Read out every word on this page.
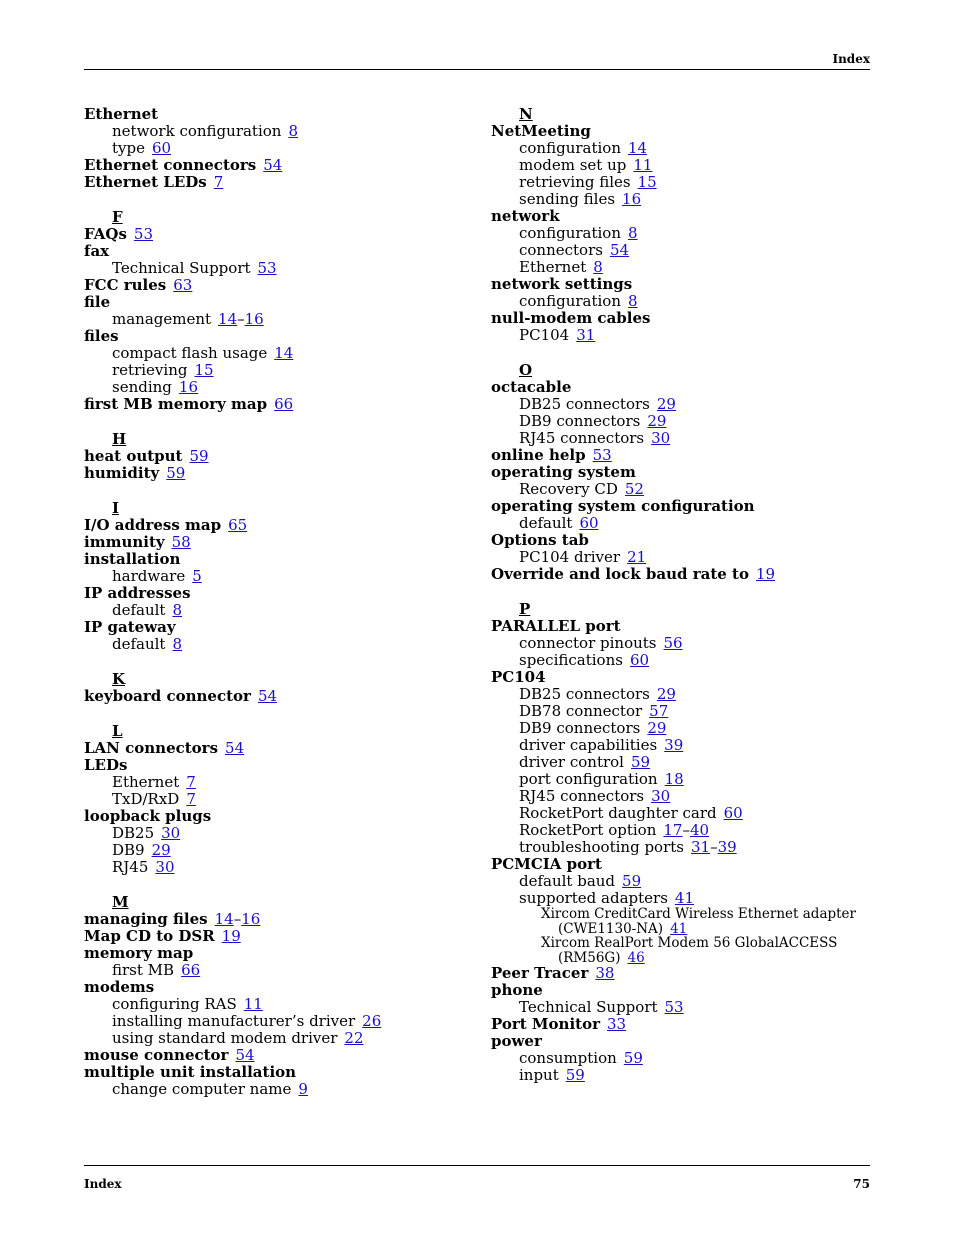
Index
Ethernet
network configuration 8
type 60
Ethernet connectors 54
Ethernet LEDs 7
F
FAQs 53
fax
Technical Support 53
FCC rules 63
file
management 14–16
files
compact flash usage 14
retrieving 15
sending 16
first MB memory map 66
H
heat output 59
humidity 59
I
I/O address map 65
immunity 58
installation
hardware 5
IP addresses
default 8
IP gateway
default 8
K
keyboard connector 54
L
LAN connectors 54
LEDs
Ethernet 7
TxD/RxD 7
loopback plugs
DB25 30
DB9 29
RJ45 30
M
managing files 14–16
Map CD to DSR 19
memory map
first MB 66
modems
configuring RAS 11
installing manufacturer’s driver 26
using standard modem driver 22
mouse connector 54
multiple unit installation
change computer name 9
N
NetMeeting
configuration 14
modem set up 11
retrieving files 15
sending files 16
network
configuration 8
connectors 54
Ethernet 8
network settings
configuration 8
null-modem cables
PC104 31
O
octacable
DB25 connectors 29
DB9 connectors 29
RJ45 connectors 30
online help 53
operating system
Recovery CD 52
operating system configuration
default 60
Options tab
PC104 driver 21
Override and lock baud rate to 19
P
PARALLEL port
connector pinouts 56
specifications 60
PC104
DB25 connectors 29
DB78 connector 57
DB9 connectors 29
driver capabilities 39
driver control 59
port configuration 18
RJ45 connectors 30
RocketPort daughter card 60
RocketPort option 17–40
troubleshooting ports 31–39
PCMCIA port
default baud 59
supported adapters 41
Xircom CreditCard Wireless Ethernet adapter
(CWE1130-NA) 41
Xircom RealPort Modem 56 GlobalACCESS
(RM56G) 46
Peer Tracer 38
phone
Technical Support 53
Port Monitor 33
power
consumption 59
input 59
Index	75
